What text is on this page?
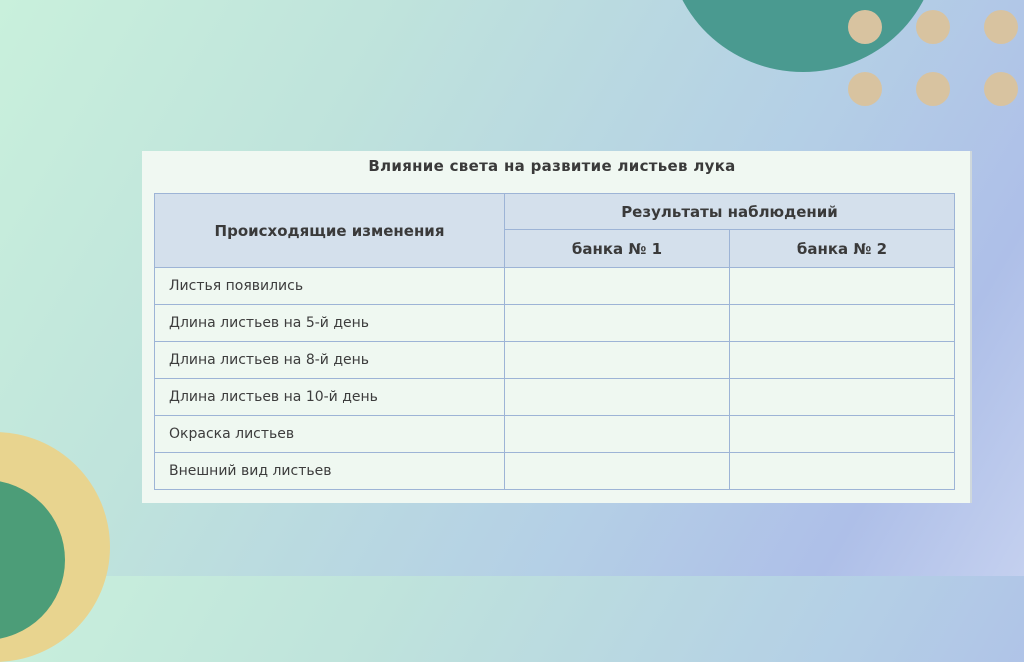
Влияние света на развитие листьев лука
Происходящие изменения	Результаты наблюдений	
	банка № 1	банка № 2
Листья появились		
Длина листьев на 5-й день		
Длина листьев на 8-й день		
Длина листьев на 10-й день		
Окраска листьев		
Внешний вид листьев		
